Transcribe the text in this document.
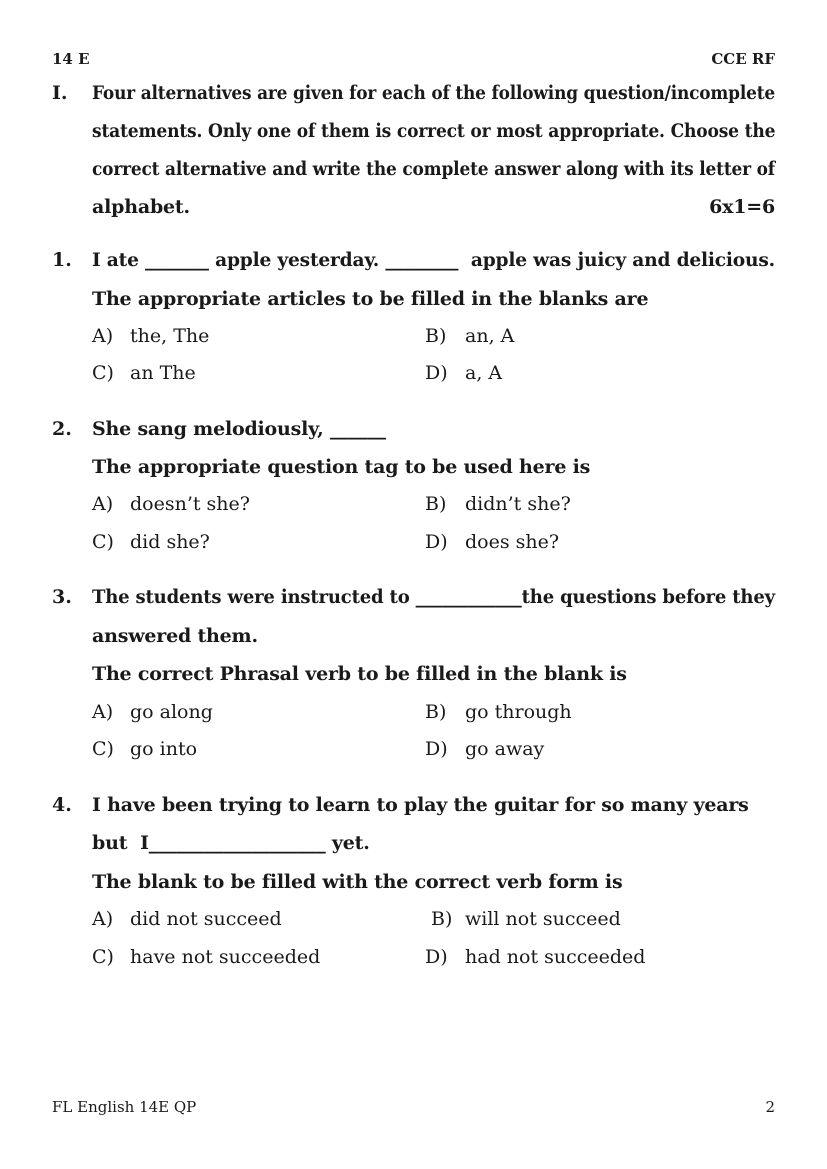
14 E	CCE RF
I. Four alternatives are given for each of the following question/incomplete
statements. Only one of them is correct or most appropriate. Choose the
correct alternative and write the complete answer along with its letter of
alphabet.	6x1=6
1. I ate _______ apple yesterday. ________  apple was juicy and delicious.
The appropriate articles to be filled in the blanks are
A) the, The	B) an, A
C) an The	D) a, A
2. She sang melodiously, ______
The appropriate question tag to be used here is
A) doesn’t she?	B) didn’t she?
C) did she?	D) does she?
3. The students were instructed to ____________the questions before they
answered them.
The correct Phrasal verb to be filled in the blank is
A) go along	B) go through
C) go into	D) go away
4. I have been trying to learn to play the guitar for so many years
but  I___________________ yet.
The blank to be filled with the correct verb form is
A) did not succeed	B) will not succeed
C) have not succeeded	D) had not succeeded
FL English 14E QP	2
